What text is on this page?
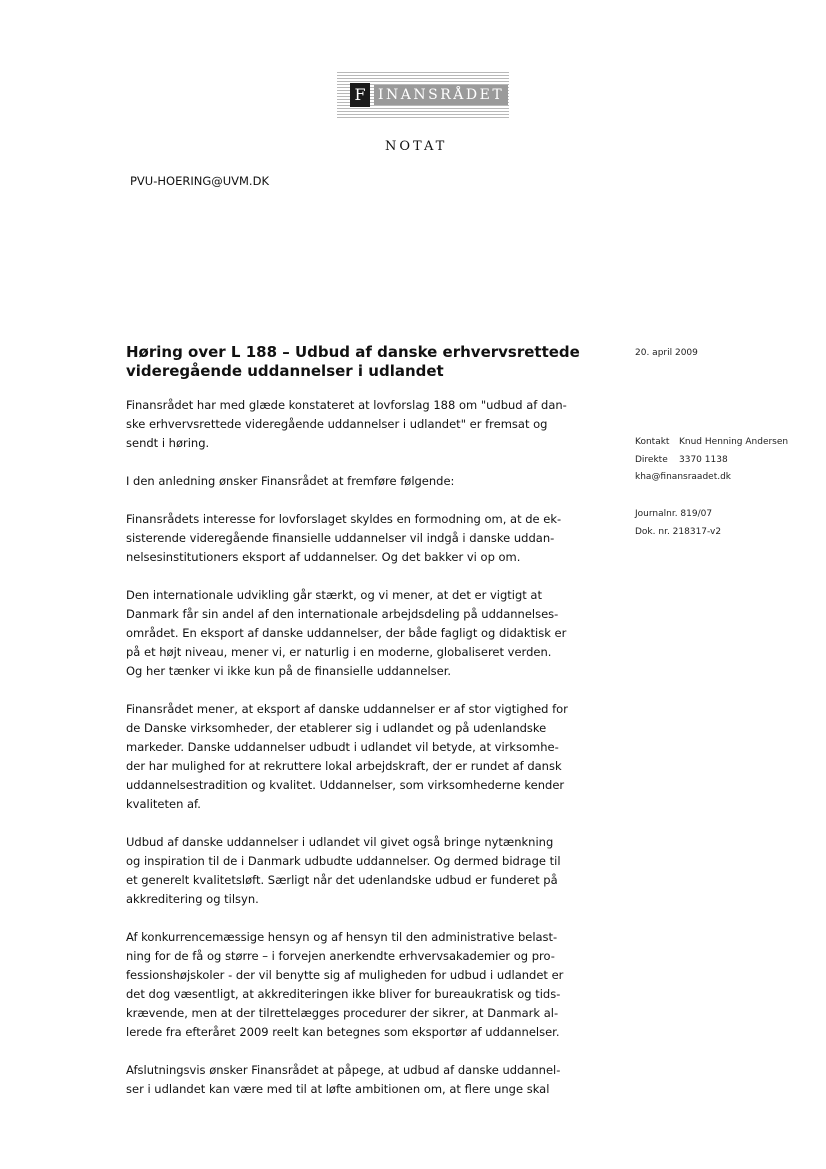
F INANSRÅDET
NOTAT
PVU-HOERING@UVM.DK
Høring over L 188 – Udbud af danske erhvervsrettede
videregående uddannelser i udlandet
20. april 2009
Kontakt Knud Henning Andersen
Direkte 3370 1138
kha@finansraadet.dk
Journalnr. 819/07
Dok. nr. 218317-v2

Finansrådet har med glæde konstateret at lovforslag 188 om "udbud af dan-
ske erhvervsrettede videregående uddannelser i udlandet" er fremsat og
sendt i høring.

I den anledning ønsker Finansrådet at fremføre følgende:

Finansrådets interesse for lovforslaget skyldes en formodning om, at de ek-
sisterende videregående finansielle uddannelser vil indgå i danske uddan-
nelsesinstitutioners eksport af uddannelser. Og det bakker vi op om.

Den internationale udvikling går stærkt, og vi mener, at det er vigtigt at
Danmark får sin andel af den internationale arbejdsdeling på uddannelses-
området. En eksport af danske uddannelser, der både fagligt og didaktisk er
på et højt niveau, mener vi, er naturlig i en moderne, globaliseret verden.
Og her tænker vi ikke kun på de finansielle uddannelser.

Finansrådet mener, at eksport af danske uddannelser er af stor vigtighed for
de Danske virksomheder, der etablerer sig i udlandet og på udenlandske
markeder. Danske uddannelser udbudt i udlandet vil betyde, at virksomhe-
der har mulighed for at rekruttere lokal arbejdskraft, der er rundet af dansk
uddannelsestradition og kvalitet. Uddannelser, som virksomhederne kender
kvaliteten af.

Udbud af danske uddannelser i udlandet vil givet også bringe nytænkning
og inspiration til de i Danmark udbudte uddannelser. Og dermed bidrage til
et generelt kvalitetsløft. Særligt når det udenlandske udbud er funderet på
akkreditering og tilsyn.

Af konkurrencemæssige hensyn og af hensyn til den administrative belast-
ning for de få og større – i forvejen anerkendte erhvervsakademier og pro-
fessionshøjskoler - der vil benytte sig af muligheden for udbud i udlandet er
det dog væsentligt, at akkrediteringen ikke bliver for bureaukratisk og tids-
krævende, men at der tilrettelægges procedurer der sikrer, at Danmark al-
lerede fra efteråret 2009 reelt kan betegnes som eksportør af uddannelser.

Afslutningsvis ønsker Finansrådet at påpege, at udbud af danske uddannel-
ser i udlandet kan være med til at løfte ambitionen om, at flere unge skal
